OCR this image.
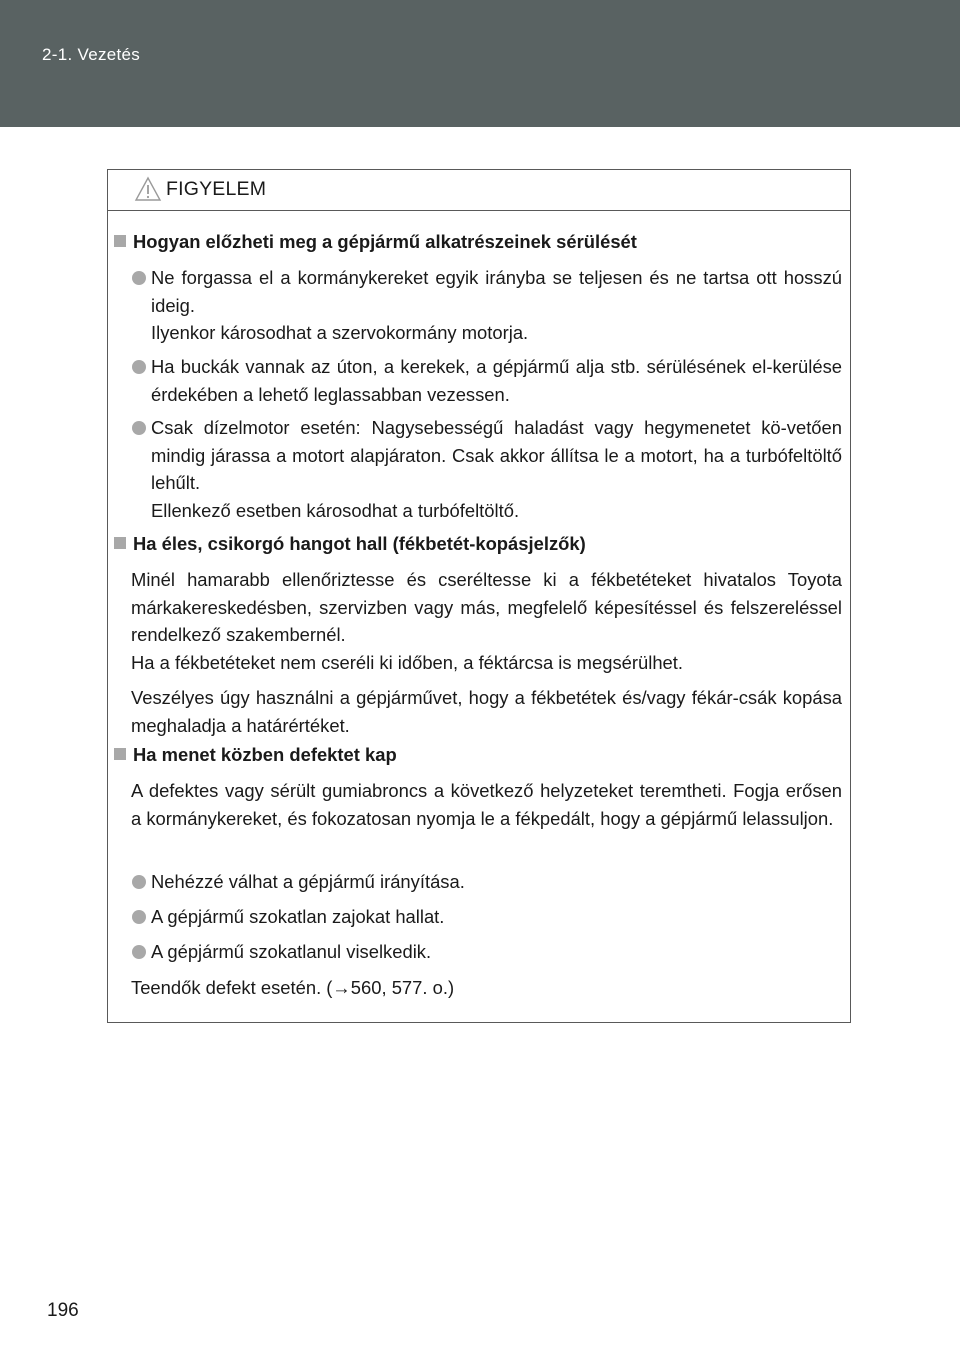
2-1. Vezetés
FIGYELEM
Hogyan előzheti meg a gépjármű alkatrészeinek sérülését
Ne forgassa el a kormánykereket egyik irányba se teljesen és ne tartsa ott hosszú ideig.
Ilyenkor károsodhat a szervokormány motorja.
Ha buckák vannak az úton, a kerekek, a gépjármű alja stb. sérülésének el-kerülése érdekében a lehető leglassabban vezessen.
Csak dízelmotor esetén: Nagysebességű haladást vagy hegymenetet kö-vetően mindig járassa a motort alapjáraton. Csak akkor állítsa le a motort, ha a turbófeltöltő lehűlt.
Ellenkező esetben károsodhat a turbófeltöltő.
Ha éles, csikorgó hangot hall (fékbetét-kopásjelzők)
Minél hamarabb ellenőriztesse és cseréltesse ki a fékbetéteket hivatalos Toyota márkakereskedésben, szervizben vagy más, megfelelő képesítéssel és felszereléssel rendelkező szakembernél.
Ha a fékbetéteket nem cseréli ki időben, a féktárcsa is megsérülhet.
Veszélyes úgy használni a gépjárművet, hogy a fékbetétek és/vagy fékár-csák kopása meghaladja a határértéket.
Ha menet közben defektet kap
A defektes vagy sérült gumiabroncs a következő helyzeteket teremtheti. Fogja erősen a kormánykereket, és fokozatosan nyomja le a fékpedált, hogy a gépjármű lelassuljon.
Nehézzé válhat a gépjármű irányítása.
A gépjármű szokatlan zajokat hallat.
A gépjármű szokatlanul viselkedik.
Teendők defekt esetén. (→560, 577. o.)
196
